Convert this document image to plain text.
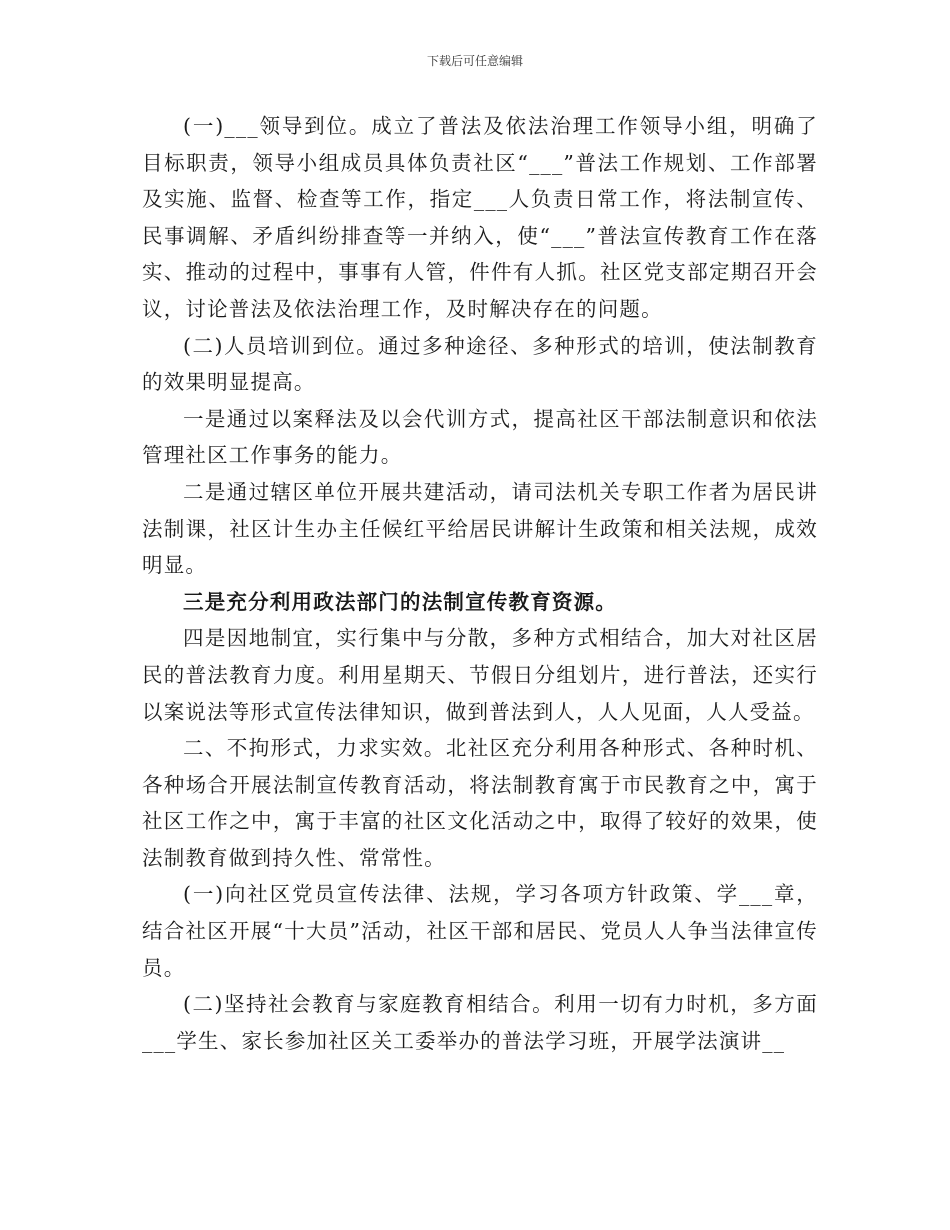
下载后可任意编辑

(一)___领导到位。成立了普法及依法治理工作领导小组，明确了目标职责，领导小组成员具体负责社区“___”普法工作规划、工作部署及实施、监督、检查等工作，指定___人负责日常工作，将法制宣传、民事调解、矛盾纠纷排查等一并纳入，使“___”普法宣传教育工作在落实、推动的过程中，事事有人管，件件有人抓。社区党支部定期召开会议，讨论普法及依法治理工作，及时解决存在的问题。

(二)人员培训到位。通过多种途径、多种形式的培训，使法制教育的效果明显提高。

一是通过以案释法及以会代训方式，提高社区干部法制意识和依法管理社区工作事务的能力。

二是通过辖区单位开展共建活动，请司法机关专职工作者为居民讲法制课，社区计生办主任候红平给居民讲解计生政策和相关法规，成效明显。

三是充分利用政法部门的法制宣传教育资源。

四是因地制宜，实行集中与分散，多种方式相结合，加大对社区居民的普法教育力度。利用星期天、节假日分组划片，进行普法，还实行以案说法等形式宣传法律知识，做到普法到人，人人见面，人人受益。

二、不拘形式，力求实效。北社区充分利用各种形式、各种时机、各种场合开展法制宣传教育活动，将法制教育寓于市民教育之中，寓于社区工作之中，寓于丰富的社区文化活动之中，取得了较好的效果，使法制教育做到持久性、常常性。

(一)向社区党员宣传法律、法规，学习各项方针政策、学___章，结合社区开展“十大员”活动，社区干部和居民、党员人人争当法律宣传员。

(二)坚持社会教育与家庭教育相结合。利用一切有力时机，多方面___学生、家长参加社区关工委举办的普法学习班，开展学法演讲__
